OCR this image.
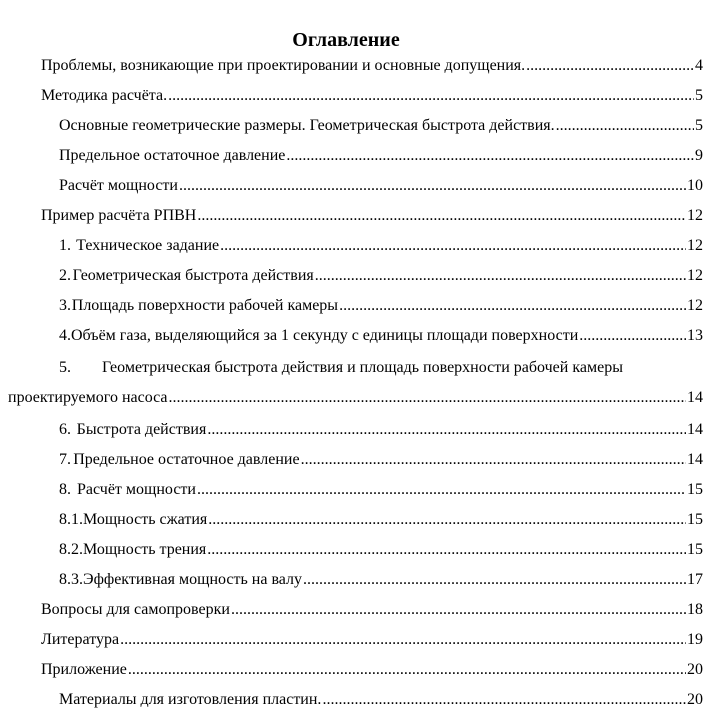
Оглавление
Проблемы, возникающие при проектировании и основные допущения. .....	4
Методика расчёта. .....	5
Основные геометрические размеры. Геометрическая быстрота действия. .....	5
Предельное остаточное давление .....	9
Расчёт мощности .....	10
Пример расчёта РПВН .....	12
1. Техническое задание .....	12
2. Геометрическая быстрота действия .....	12
3. Площадь поверхности рабочей камеры .....	12
4. Объём газа, выделяющийся за 1 секунду с единицы площади поверхности .....	13
5. Геометрическая быстрота действия и площадь поверхности рабочей камеры
проектируемого насоса .....	14
6. Быстрота действия .....	14
7. Предельное остаточное давление .....	14
8. Расчёт мощности .....	15
8.1. Мощность сжатия .....	15
8.2. Мощность трения .....	15
8.3. Эффективная мощность на валу .....	17
Вопросы для самопроверки .....	18
Литература .....	19
Приложение .....	20
Материалы для изготовления пластин. .....	20
